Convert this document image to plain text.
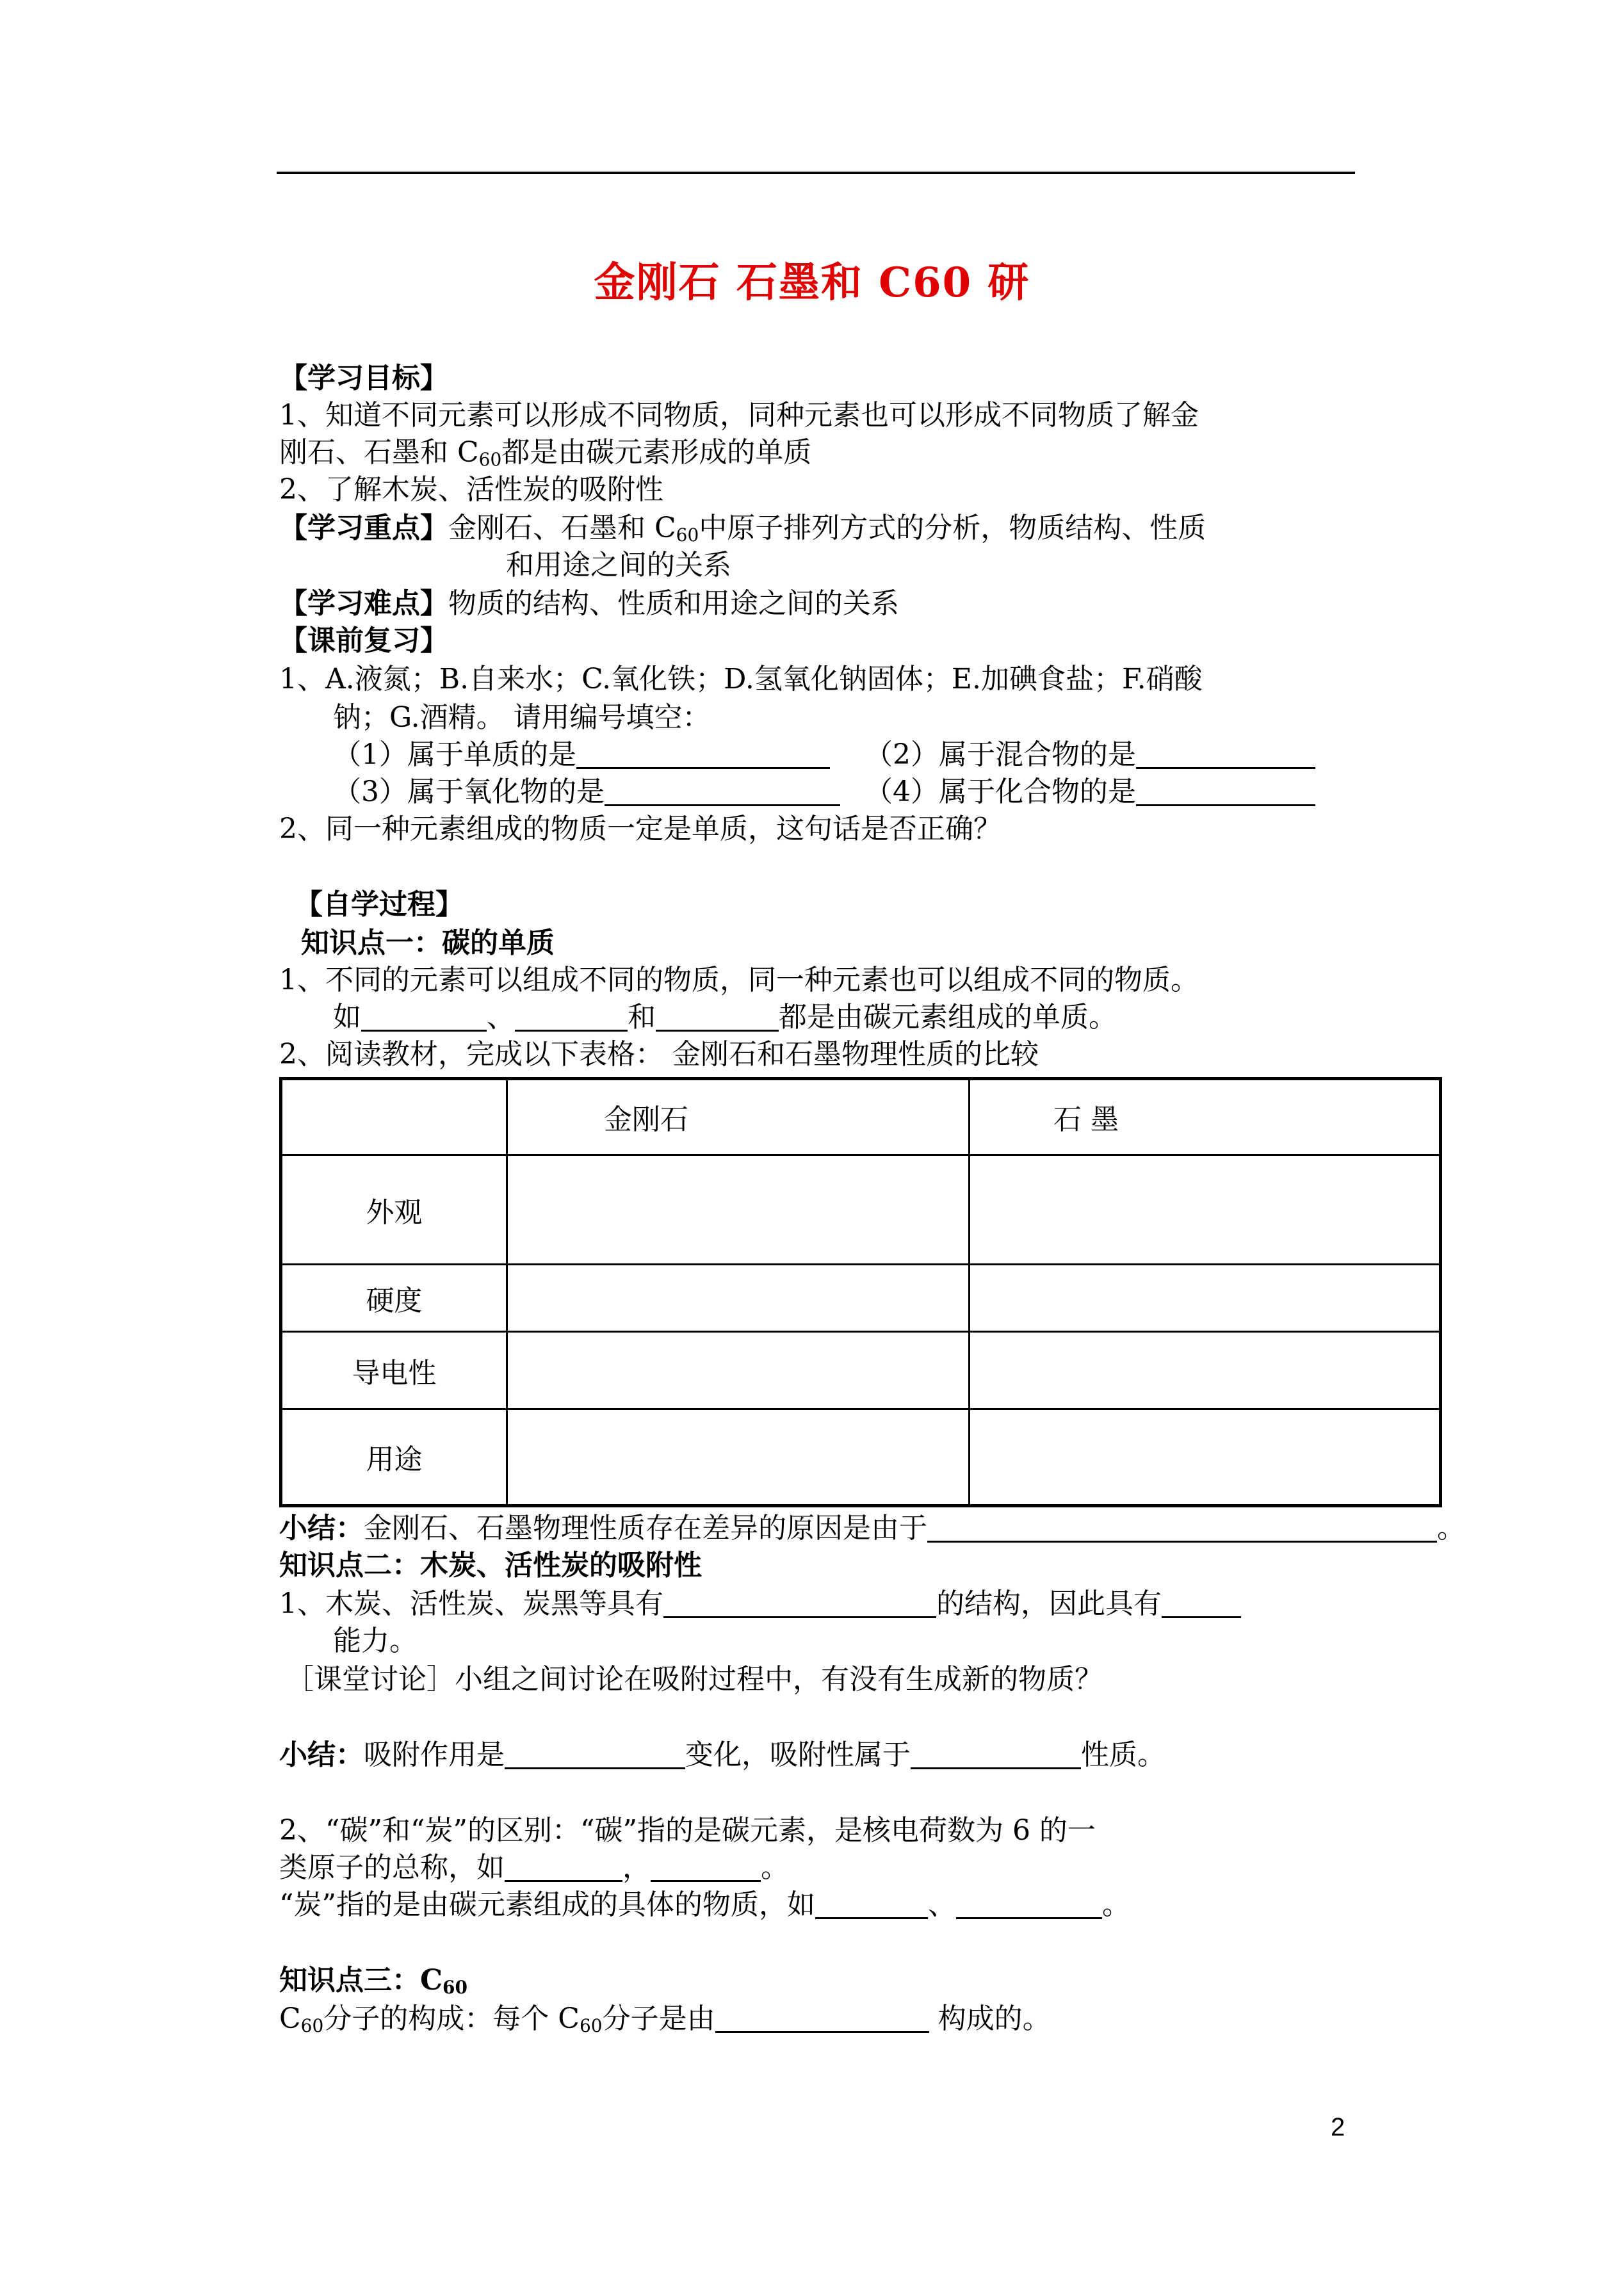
金刚石 石墨和 C60 研
【学习目标】
1、知道不同元素可以形成不同物质，同种元素也可以形成不同物质了解金
刚石、石墨和 $C_{60}$都是由碳元素形成的单质
2、了解木炭、活性炭的吸附性
【学习重点】金刚石、石墨和 $C_{60}$中原子排列方式的分析，物质结构、性质
和用途之间的关系
【学习难点】物质的结构、性质和用途之间的关系
【课前复习】
1、A.液氮；B.自来水；C.氧化铁；D.氢氧化钠固体；E.加碘食盐；F.硝酸
钠；G.酒精。 请用编号填空：
（1）属于单质的是	（2）属于混合物的是
（3）属于氧化物的是	（4）属于化合物的是
2、同一种元素组成的物质一定是单质，这句话是否正确？
【自学过程】
知识点一：碳的单质
1、不同的元素可以组成不同的物质，同一种元素也可以组成不同的物质。
如	、	和	都是由碳元素组成的单质。
2、阅读教材，完成以下表格： 金刚石和石墨物理性质的比较
	金刚石	石 墨
外观		
硬度		
导电性		
用途		
小结：金刚石、石墨物理性质存在差异的原因是由于	。
知识点二：木炭、活性炭的吸附性
1、木炭、活性炭、炭黑等具有	的结构，因此具有
能力。
［课堂讨论］小组之间讨论在吸附过程中，有没有生成新的物质？
小结：吸附作用是	变化，吸附性属于	性质。
2、“碳”和“炭”的区别：“碳”指的是碳元素，是核电荷数为 6 的一
类原子的总称，如	，	。
“炭”指的是由碳元素组成的具体的物质，如	、	。
知识点三：$C_{60}$
$C_{60}$分子的构成：每个 $C_{60}$分子是由	构成的。
2
